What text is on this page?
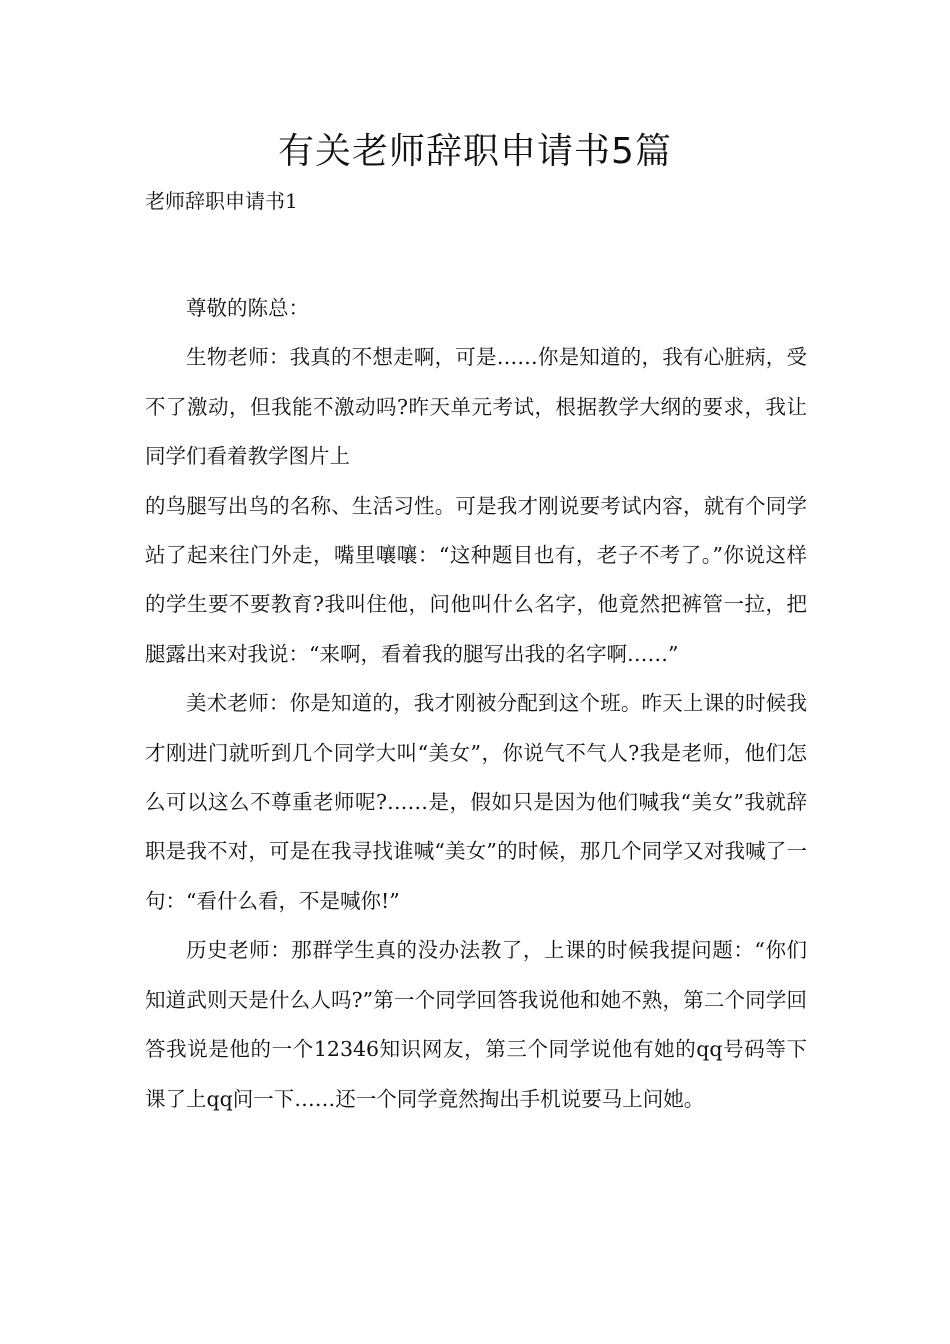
有关老师辞职申请书5篇
老师辞职申请书1

尊敬的陈总：

生物老师：我真的不想走啊，可是……你是知道的，我有心脏病，受不了激动，但我能不激动吗?昨天单元考试，根据教学大纲的要求，我让同学们看着教学图片上

的鸟腿写出鸟的名称、生活习性。可是我才刚说要考试内容，就有个同学站了起来往门外走，嘴里嚷嚷：“这种题目也有，老子不考了。”你说这样的学生要不要教育?我叫住他，问他叫什么名字，他竟然把裤管一拉，把腿露出来对我说：“来啊，看着我的腿写出我的名字啊……”

美术老师：你是知道的，我才刚被分配到这个班。昨天上课的时候我才刚进门就听到几个同学大叫“美女”，你说气不气人?我是老师，他们怎么可以这么不尊重老师呢?……是，假如只是因为他们喊我“美女”我就辞职是我不对，可是在我寻找谁喊“美女”的时候，那几个同学又对我喊了一句：“看什么看，不是喊你!”

历史老师：那群学生真的没办法教了，上课的时候我提问题：“你们知道武则天是什么人吗?”第一个同学回答我说他和她不熟，第二个同学回答我说是他的一个12346知识网友，第三个同学说他有她的qq号码等下课了上qq问一下……还一个同学竟然掏出手机说要马上问她。
